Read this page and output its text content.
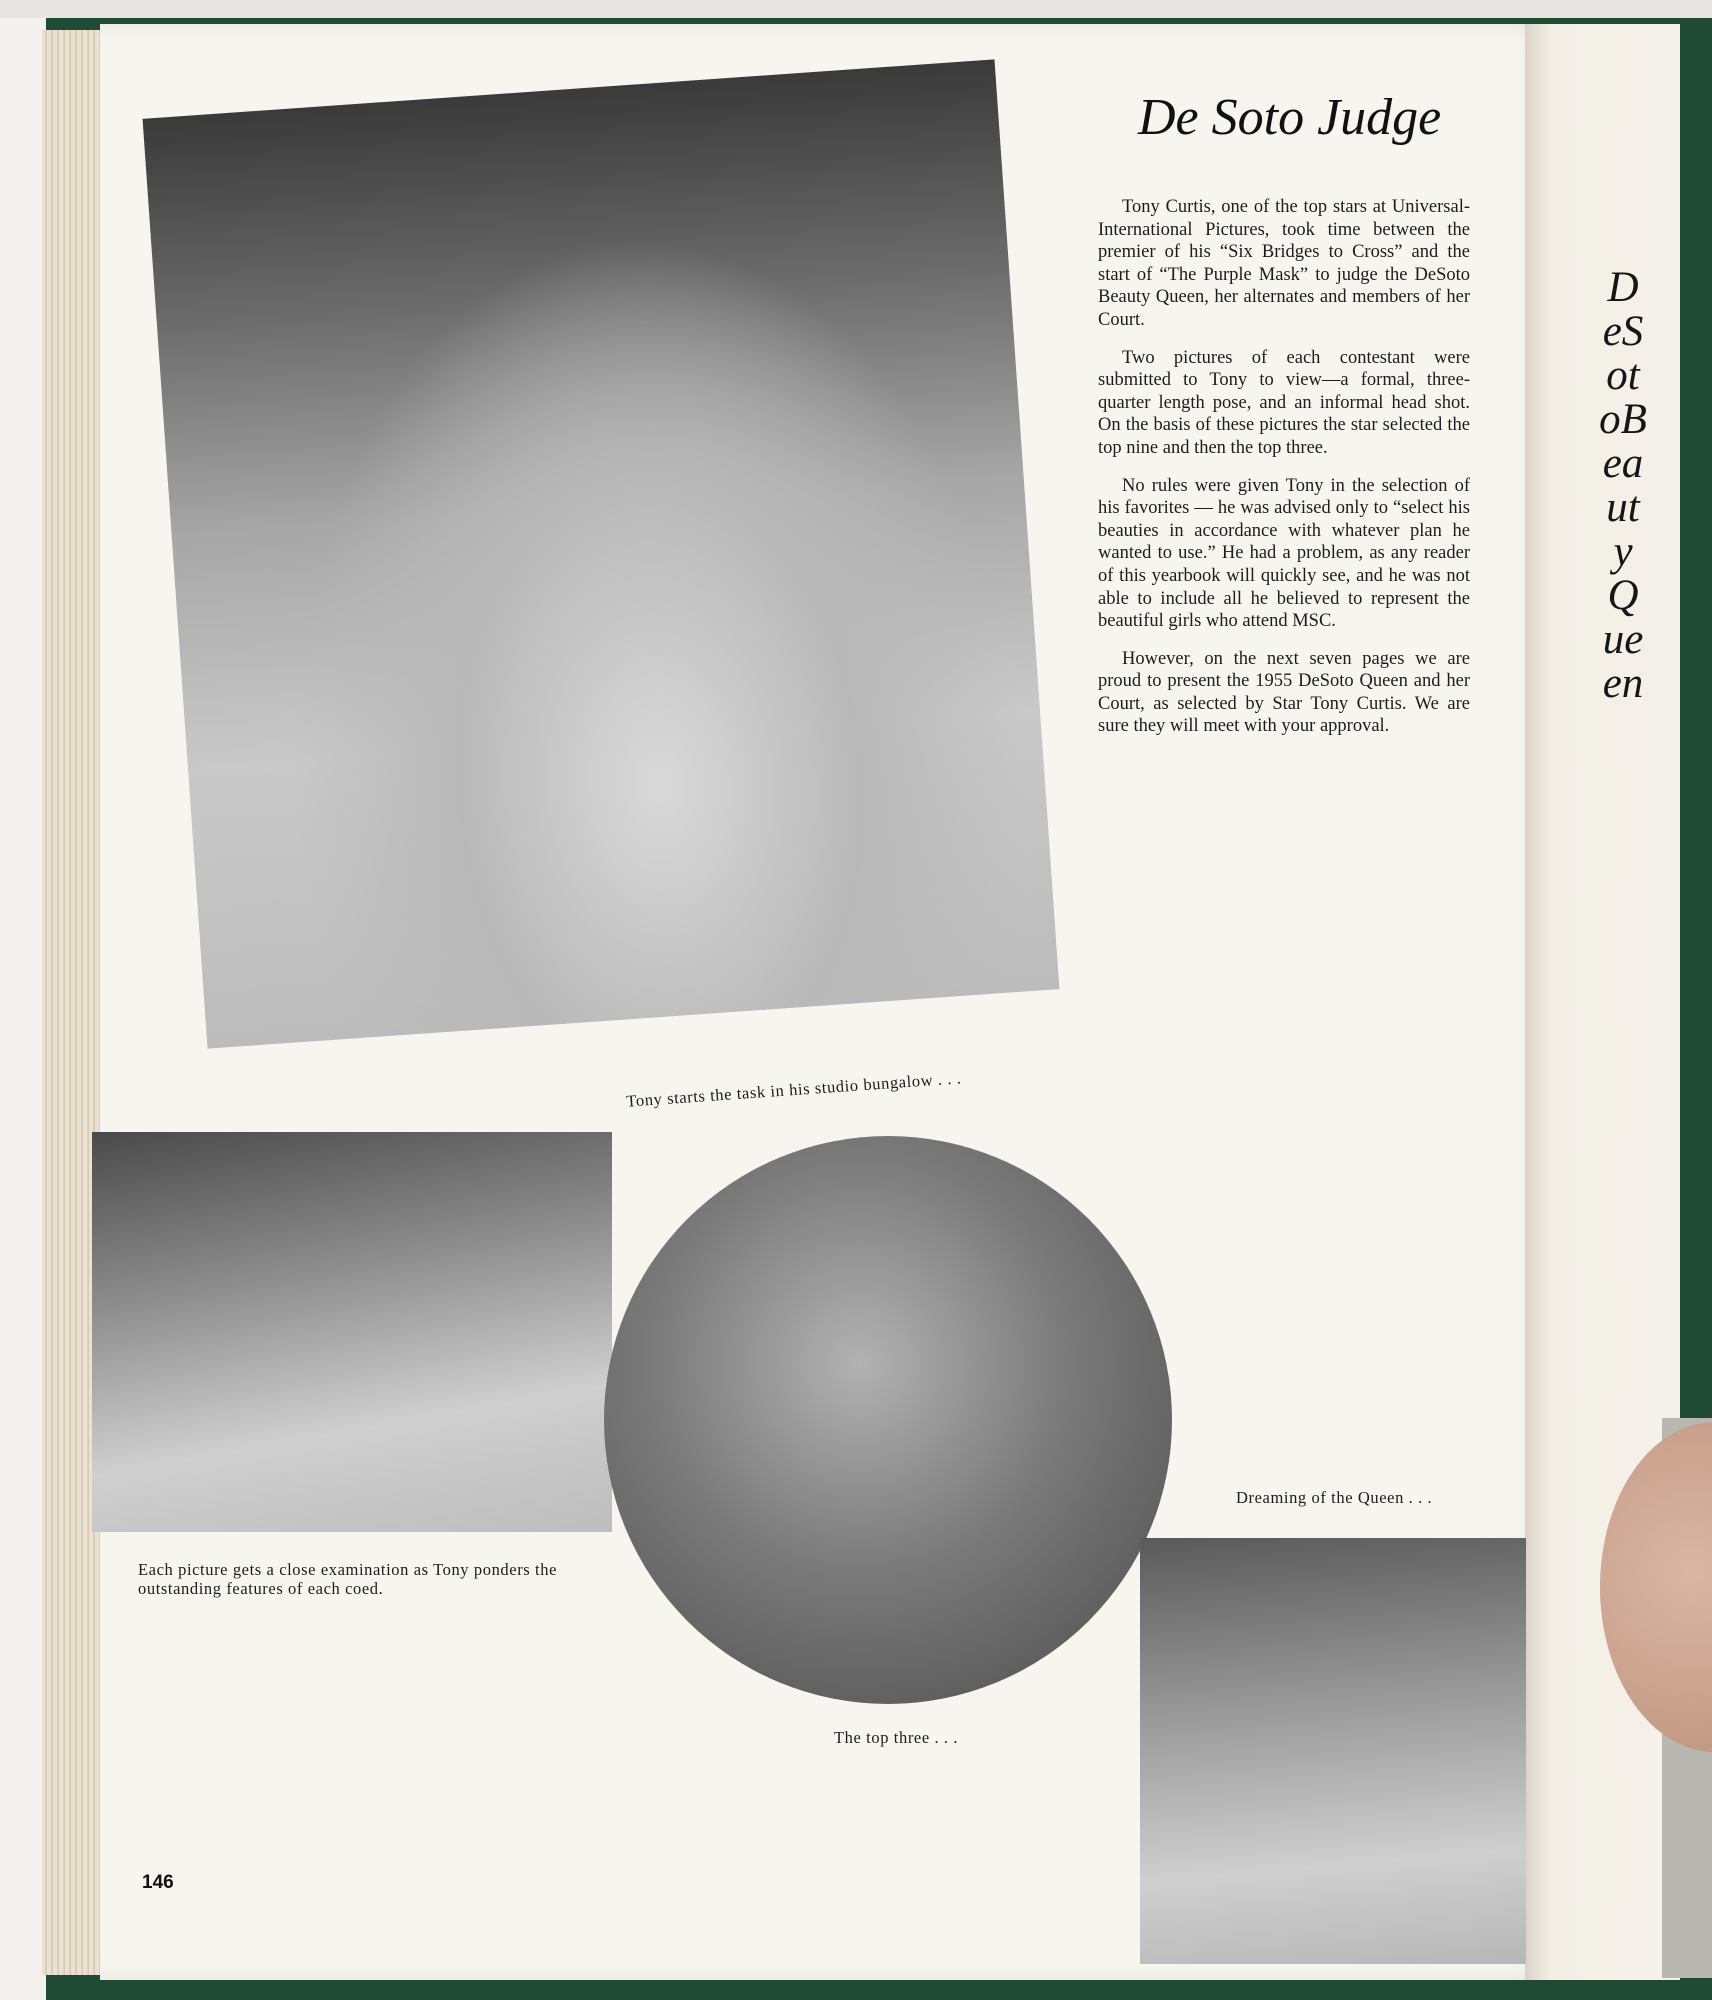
DeSotoBeautyQueen
De Soto Judge

Tony Curtis, one of the top stars at Universal-International Pictures, took time between the premier of his “Six Bridges to Cross” and the start of “The Purple Mask” to judge the DeSoto Beauty Queen, her alternates and members of her Court.

Two pictures of each contestant were submitted to Tony to view—a formal, three-quarter length pose, and an informal head shot. On the basis of these pictures the star selected the top nine and then the top three.

No rules were given Tony in the selection of his favorites — he was advised only to “select his beauties in accordance with whatever plan he wanted to use.” He had a problem, as any reader of this yearbook will quickly see, and he was not able to include all he believed to represent the beautiful girls who attend MSC.

However, on the next seven pages we are proud to present the 1955 DeSoto Queen and her Court, as selected by Star Tony Curtis. We are sure they will meet with your approval.

Tony starts the task in his studio bungalow . . .
Each picture gets a close examination as Tony ponders the outstanding features of each coed.
The top three . . .
Dreaming of the Queen . . .
146
